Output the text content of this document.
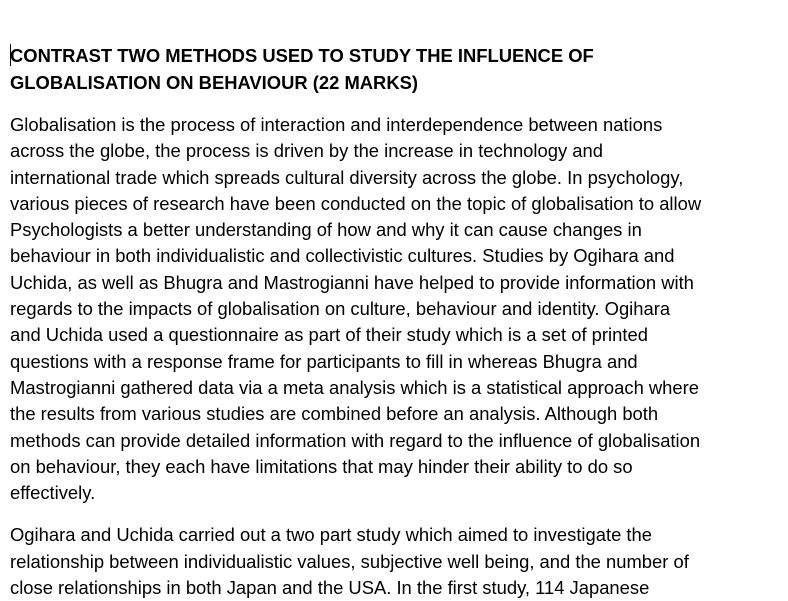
CONTRAST TWO METHODS USED TO STUDY THE INFLUENCE OF
GLOBALISATION ON BEHAVIOUR (22 MARKS)

Globalisation is the process of interaction and interdependence between nations
across the globe, the process is driven by the increase in technology and
international trade which spreads cultural diversity across the globe. In psychology,
various pieces of research have been conducted on the topic of globalisation to allow
Psychologists a better understanding of how and why it can cause changes in
behaviour in both individualistic and collectivistic cultures. Studies by Ogihara and
Uchida, as well as Bhugra and Mastrogianni have helped to provide information with
regards to the impacts of globalisation on culture, behaviour and identity. Ogihara
and Uchida used a questionnaire as part of their study which is a set of printed
questions with a response frame for participants to fill in whereas Bhugra and
Mastrogianni gathered data via a meta analysis which is a statistical approach where
the results from various studies are combined before an analysis. Although both
methods can provide detailed information with regard to the influence of globalisation
on behaviour, they each have limitations that may hinder their ability to do so
effectively.

Ogihara and Uchida carried out a two part study which aimed to investigate the
relationship between individualistic values, subjective well being, and the number of
close relationships in both Japan and the USA. In the first study, 114 Japanese
